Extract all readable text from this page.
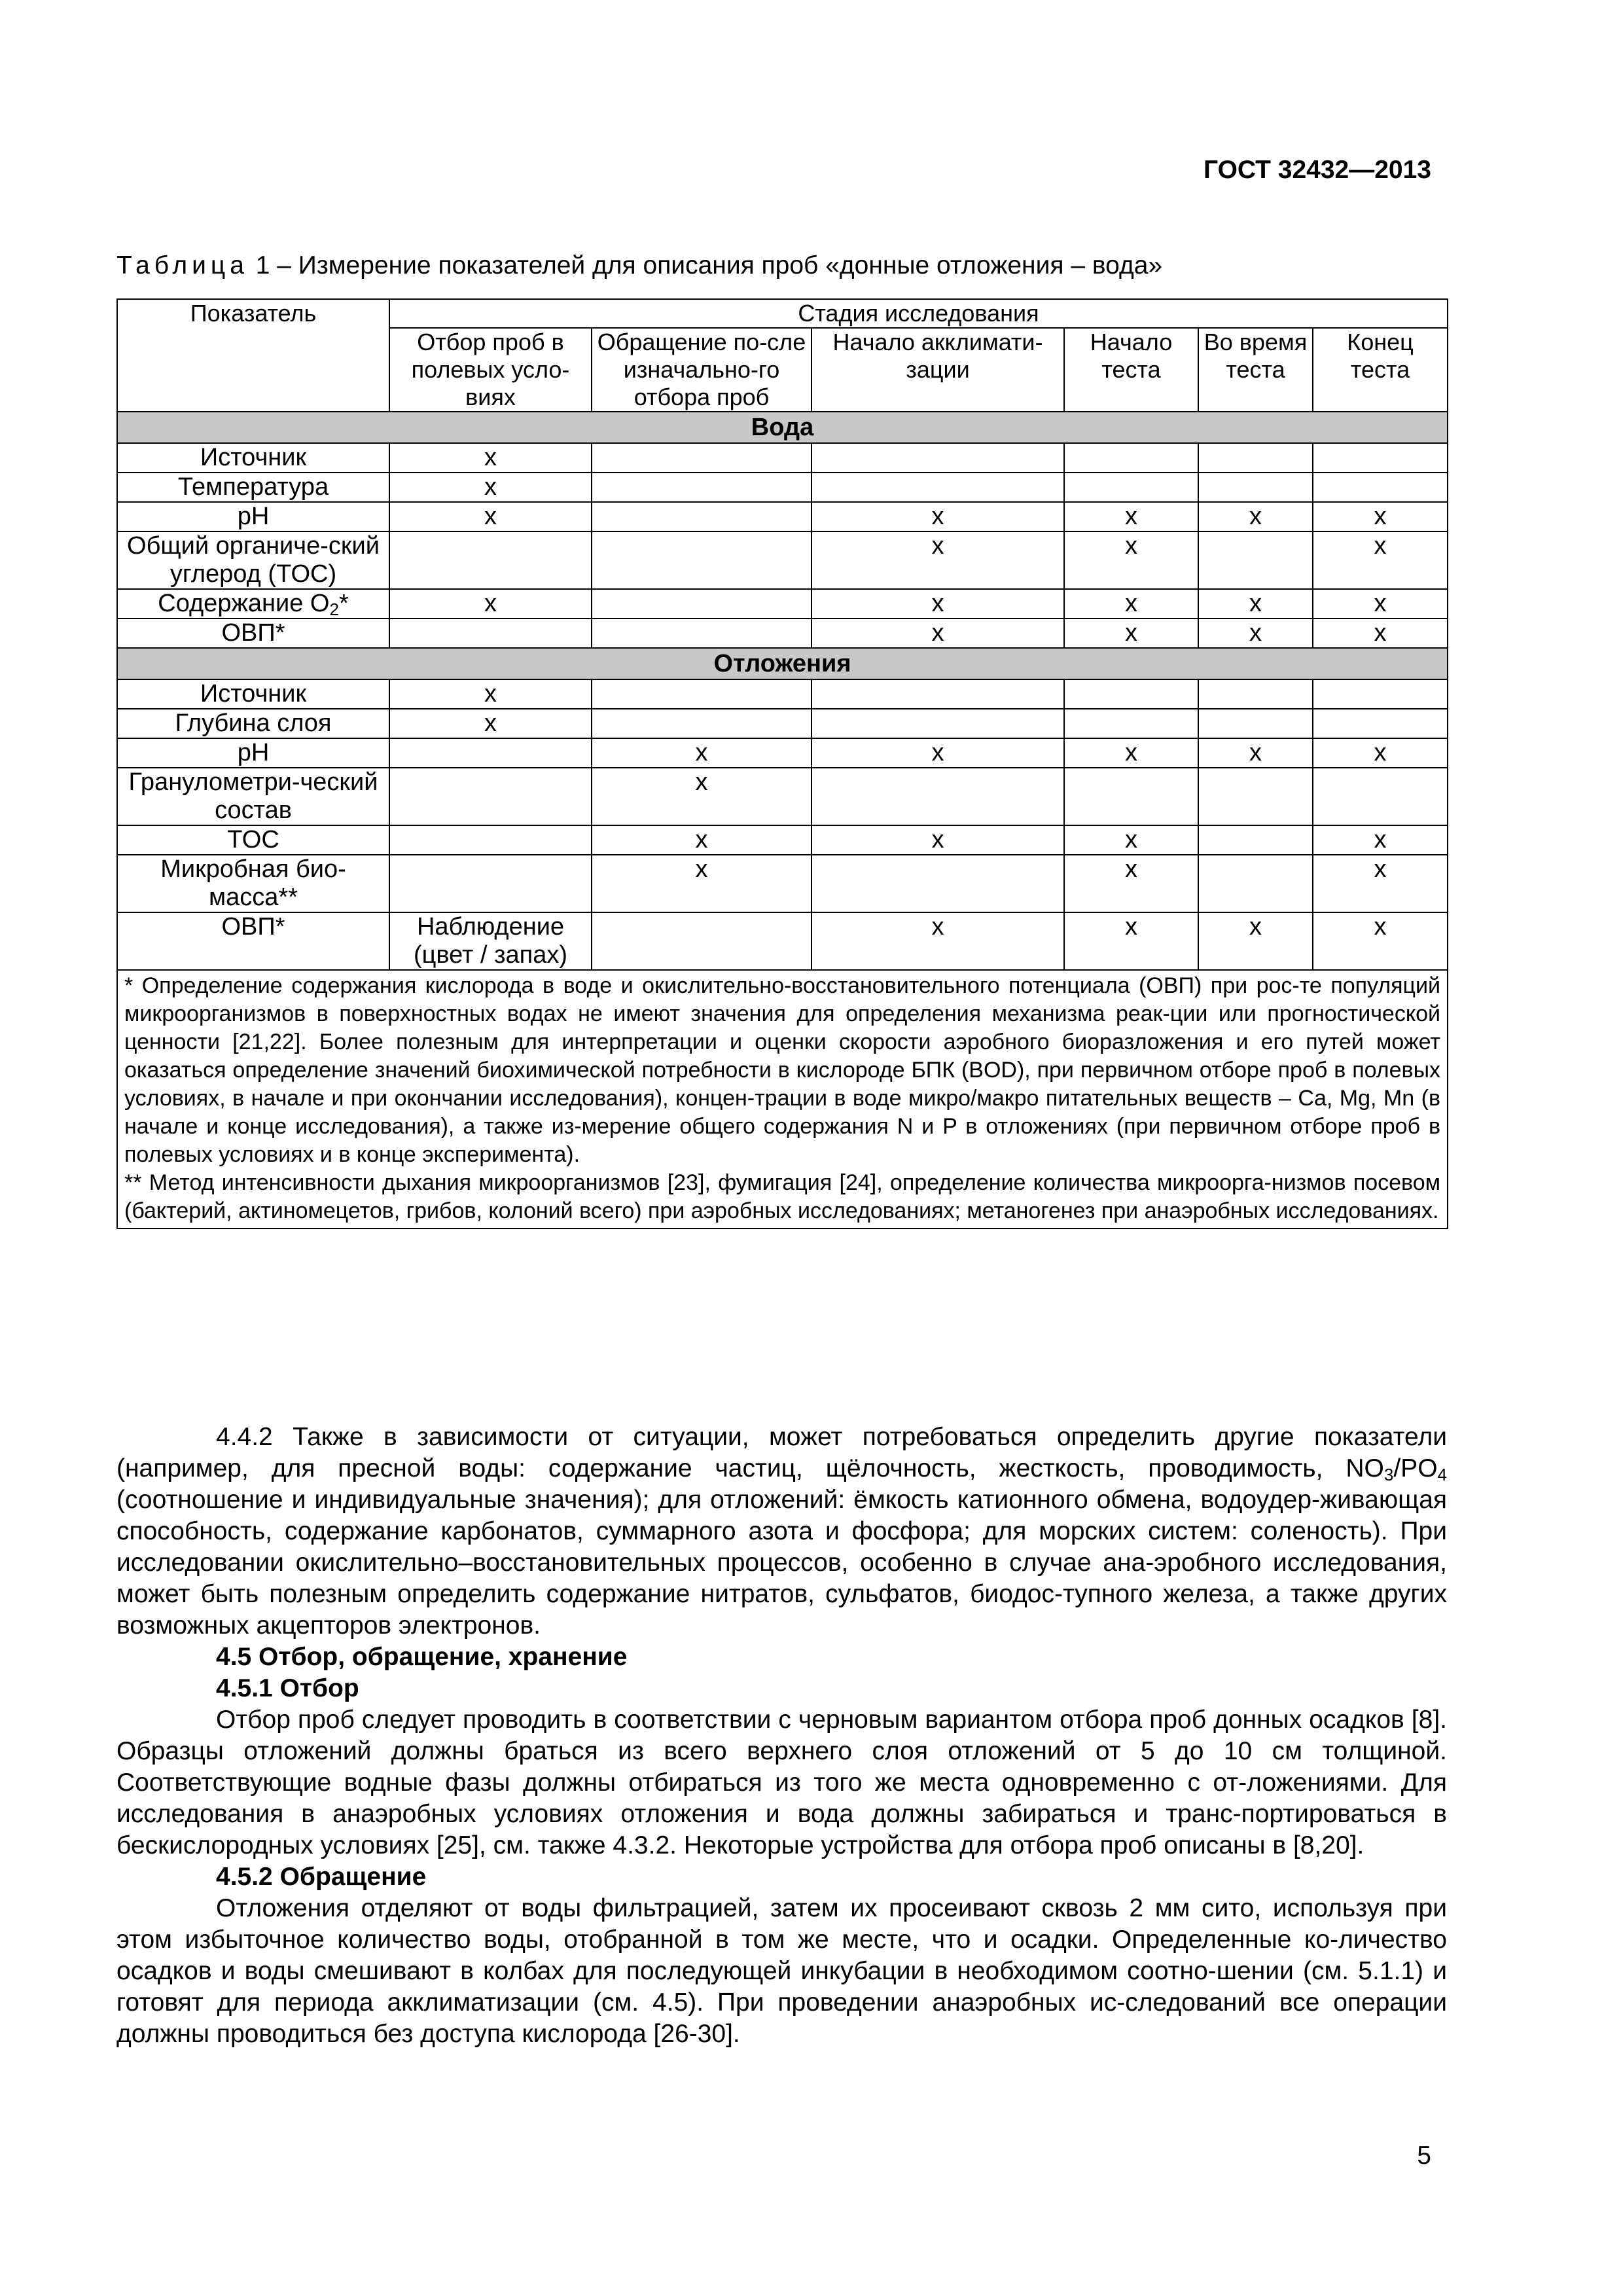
ГОСТ 32432—2013
Таблица 1 – Измерение показателей для описания проб «донные отложения – вода»
Показатель	Стадия исследования					
	Отбор проб в полевых усло-виях	Обращение по-сле изначально-го отбора проб	Начало акклимати-зации	Начало теста	Во время теста	Конец теста
Вода						
Источник	x					
Температура	x					
pH	x		x	x	x	x
Общий органиче-ский углерод (TOC)			x	x		x
Содержание $O_2*$	x		x	x	x	x
ОВП*			x	x	x	x
Отложения						
Источник	x					
Глубина слоя	x					
pH		x	x	x	x	x
Гранулометри-ческий состав		x				
TOC		x	x	x		x
Микробная био-масса**		x		x		x
ОВП*	Наблюдение (цвет / запах)		x	x	x	x

* Определение содержания кислорода в воде и окислительно-восстановительного потенциала (ОВП) при рос-те популяций микроорганизмов в поверхностных водах не имеют значения для определения механизма реак-ции или прогностической ценности [21,22]. Более полезным для интерпретации и оценки скорости аэробного биоразложения и его путей может оказаться определение значений биохимической потребности в кислороде БПК (BOD), при первичном отборе проб в полевых условиях, в начале и при окончании исследования), концен-трации в воде микро/макро питательных веществ – Ca, Mg, Mn (в начале и конце исследования), а также из-мерение общего содержания N и P в отложениях (при первичном отборе проб в полевых условиях и в конце эксперимента).
** Метод интенсивности дыхания микроорганизмов [23], фумигация [24], определение количества микроорга-низмов посевом (бактерий, актиномецетов, грибов, колоний всего) при аэробных исследованиях; метаногенез при анаэробных исследованиях.						

4.4.2 Также в зависимости от ситуации, может потребоваться определить другие показатели (например, для пресной воды: содержание частиц, щёлочность, жесткость, проводимость, $NO_3/PO_4$ (соотношение и индивидуальные значения); для отложений: ёмкость катионного обмена, водоудер-живающая способность, содержание карбонатов, суммарного азота и фосфора; для морских систем: соленость). При исследовании окислительно–восстановительных процессов, особенно в случае ана-эробного исследования, может быть полезным определить содержание нитратов, сульфатов, биодос-тупного железа, а также других возможных акцепторов электронов.

4.5 Отбор, обращение, хранение

4.5.1 Отбор

Отбор проб следует проводить в соответствии с черновым вариантом отбора проб донных осадков [8]. Образцы отложений должны браться из всего верхнего слоя отложений от 5 до 10 см толщиной. Соответствующие водные фазы должны отбираться из того же места одновременно с от-ложениями. Для исследования в анаэробных условиях отложения и вода должны забираться и транс-портироваться в бескислородных условиях [25], см. также 4.3.2. Некоторые устройства для отбора проб описаны в [8,20].

4.5.2 Обращение

Отложения отделяют от воды фильтрацией, затем их просеивают сквозь 2 мм сито, используя при этом избыточное количество воды, отобранной в том же месте, что и осадки. Определенные ко-личество осадков и воды смешивают в колбах для последующей инкубации в необходимом соотно-шении (см. 5.1.1) и готовят для периода акклиматизации (см. 4.5). При проведении анаэробных ис-следований все операции должны проводиться без доступа кислорода [26-30].

5
